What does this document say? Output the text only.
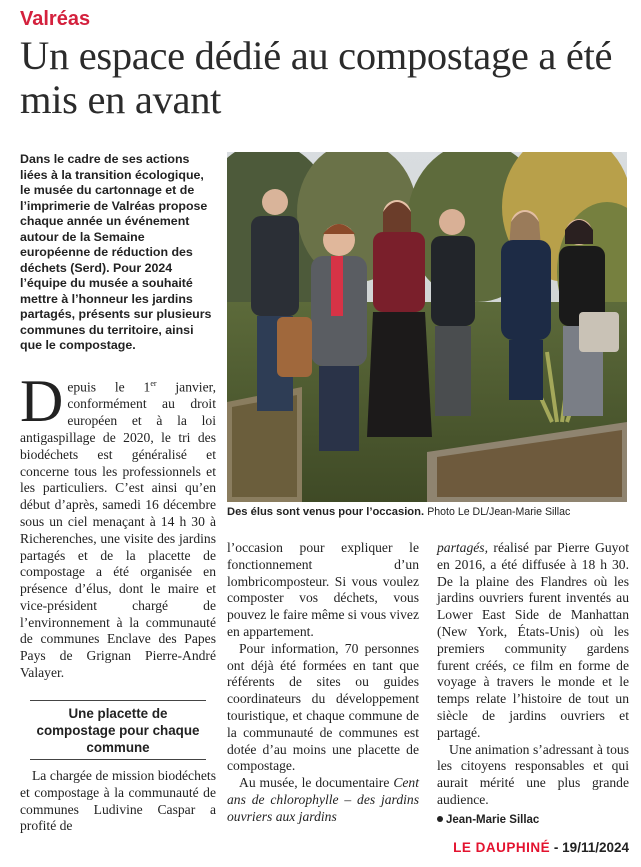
Valréas
Un espace dédié au compostage a été mis en avant
Dans le cadre de ses actions liées à la transition écologique, le musée du cartonnage et de l’imprimerie de Valréas propose chaque année un événement autour de la Semaine européenne de réduction des déchets (Serd). Pour 2024 l’équipe du musée a souhaité mettre à l’honneur les jardins partagés, présents sur plusieurs communes du territoire, ainsi que le compostage.
Des élus sont venus pour l’occasion. Photo Le DL/Jean-Marie Sillac
D epuis le 1er janvier, conformément au droit européen et à la loi antigaspillage de 2020, le tri des biodéchets est généralisé et concerne tous les professionnels et les particuliers. C’est ainsi qu’en début d’après, samedi 16 décembre sous un ciel menaçant à 14 h 30 à Richerenches, une visite des jardins partagés et de la placette de compostage a été organisée en présence d’élus, dont le maire et vice-président chargé de l’environnement à la communauté de communes Enclave des Papes Pays de Grignan Pierre-André Valayer.
Une placette de compostage pour chaque commune

La chargée de mission biodéchets et compostage à la communauté de communes Ludivine Caspar a profité de

l’occasion pour expliquer le fonctionnement d’un lombricomposteur. Si vous voulez composter vos déchets, vous pouvez le faire même si vous vivez en appartement.

Pour information, 70 personnes ont déjà été formées en tant que référents de sites ou guides coordinateurs du développement touristique, et chaque commune de la communauté de communes est dotée d’au moins une placette de compostage.

Au musée, le documentaire Cent ans de chlorophylle – des jardins ouvriers aux jardins

partagés, réalisé par Pierre Guyot en 2016, a été diffusée à 18 h 30. De la plaine des Flandres où les jardins ouvriers furent inventés au Lower East Side de Manhattan (New York, États-Unis) où les premiers community gardens furent créés, ce film en forme de voyage à travers le monde et le temps relate l’histoire de tout un siècle de jardins ouvriers et partagé.

Une animation s’adressant à tous les citoyens responsables et qui aurait mérité une plus grande audience.

Jean-Marie Sillac
LE DAUPHINÉ - 19/11/2024
